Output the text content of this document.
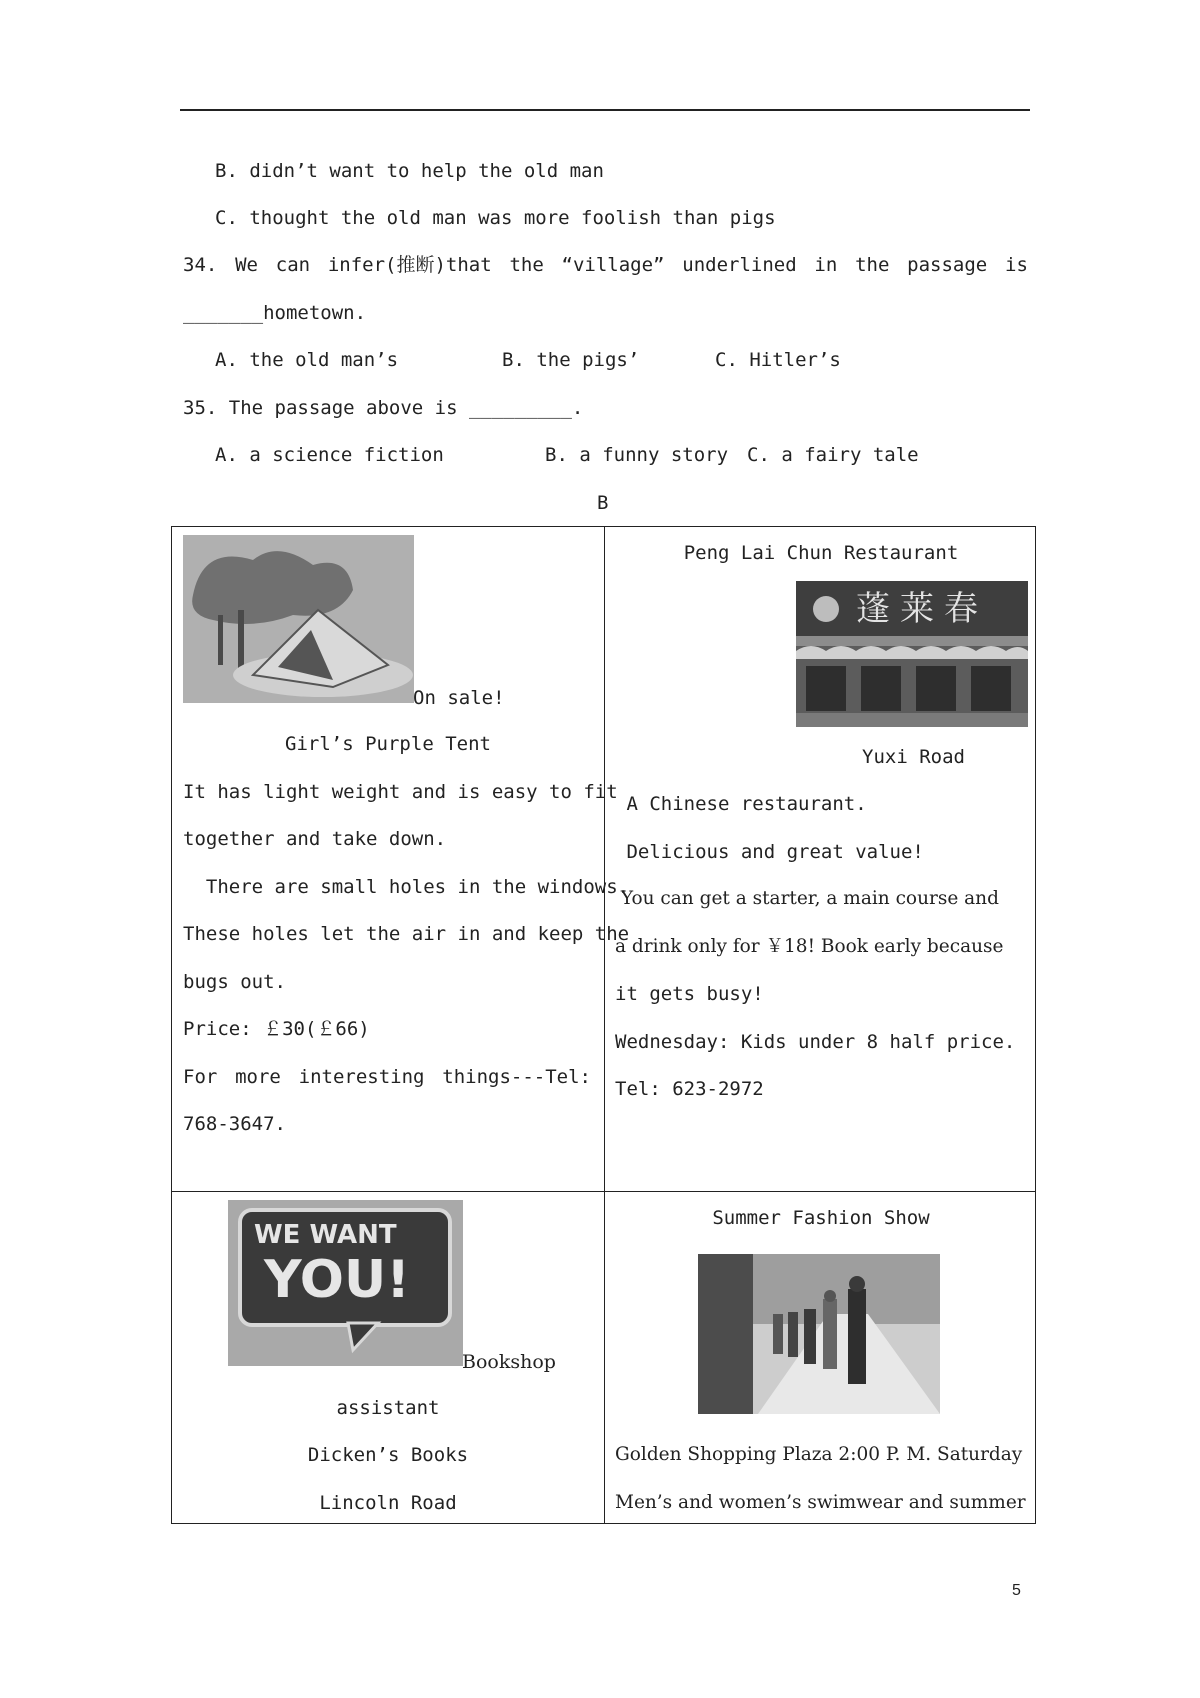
B. didn’t want to help the old man
C. thought the old man was more foolish than pigs
34. We can infer(推断)that the “village” underlined in the passage is
_______hometown.
A. the old man’s	B. the pigs’	C. Hitler’s
35. The passage above is _________.
A. a science fiction	B. a funny story C. a fairy tale
B
On sale!
Girl’s Purple Tent
It has light weight and is easy to fit
together and take down.
There are small holes in the windows.
These holes let the air in and keep the
bugs out.
Price: ￡30(￡66)
For more interesting things---Tel:
768-3647.
Peng Lai Chun Restaurant
蓬莱春
Yuxi Road
A Chinese restaurant.
Delicious and great value!
You can get a starter, a main course and
a drink only for ￥18! Book early because
it gets busy!
Wednesday: Kids under 8 half price.
Tel: 623-2972
WE WANT
YOU!
Bookshop
assistant
Dicken’s Books
Lincoln Road
Summer Fashion Show
Golden Shopping Plaza 2:00 P. M. Saturday
Men’s and women’s swimwear and summer
5
